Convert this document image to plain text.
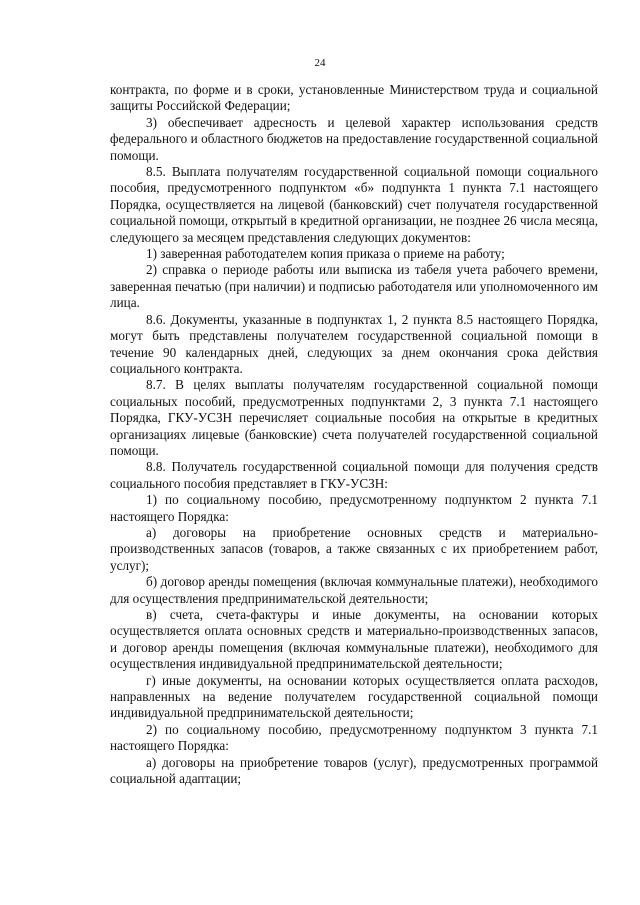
24

контракта, по форме и в сроки, установленные Министерством труда и социальной защиты Российской Федерации;

3) обеспечивает адресность и целевой характер использования средств федерального и областного бюджетов на предоставление государственной социальной помощи.

8.5. Выплата получателям государственной социальной помощи социального пособия, предусмотренного подпунктом «б» подпункта 1 пункта 7.1 настоящего Порядка, осуществляется на лицевой (банковский) счет получателя государственной социальной помощи, открытый в кредитной организации, не позднее 26 числа месяца, следующего за месяцем представления следующих документов:

1) заверенная работодателем копия приказа о приеме на работу;

2) справка о периоде работы или выписка из табеля учета рабочего времени, заверенная печатью (при наличии) и подписью работодателя или уполномоченного им лица.

8.6. Документы, указанные в подпунктах 1, 2 пункта 8.5 настоящего Порядка, могут быть представлены получателем государственной социальной помощи в течение 90 календарных дней, следующих за днем окончания срока действия социального контракта.

8.7. В целях выплаты получателям государственной социальной помощи социальных пособий, предусмотренных подпунктами 2, 3 пункта 7.1 настоящего Порядка, ГКУ-УСЗН перечисляет социальные пособия на открытые в кредитных организациях лицевые (банковские) счета получателей государственной социальной помощи.

8.8. Получатель государственной социальной помощи для получения средств социального пособия представляет в ГКУ-УСЗН:

1) по социальному пособию, предусмотренному подпунктом 2 пункта 7.1 настоящего Порядка:

а) договоры на приобретение основных средств и материально-производственных запасов (товаров, а также связанных с их приобретением работ, услуг);

б) договор аренды помещения (включая коммунальные платежи), необходимого для осуществления предпринимательской деятельности;

в) счета, счета-фактуры и иные документы, на основании которых осуществляется оплата основных средств и материально-производственных запасов, и договор аренды помещения (включая коммунальные платежи), необходимого для осуществления индивидуальной предпринимательской деятельности;

г) иные документы, на основании которых осуществляется оплата расходов, направленных на ведение получателем государственной социальной помощи индивидуальной предпринимательской деятельности;

2) по социальному пособию, предусмотренному подпунктом 3 пункта 7.1 настоящего Порядка:

а) договоры на приобретение товаров (услуг), предусмотренных программой социальной адаптации;
